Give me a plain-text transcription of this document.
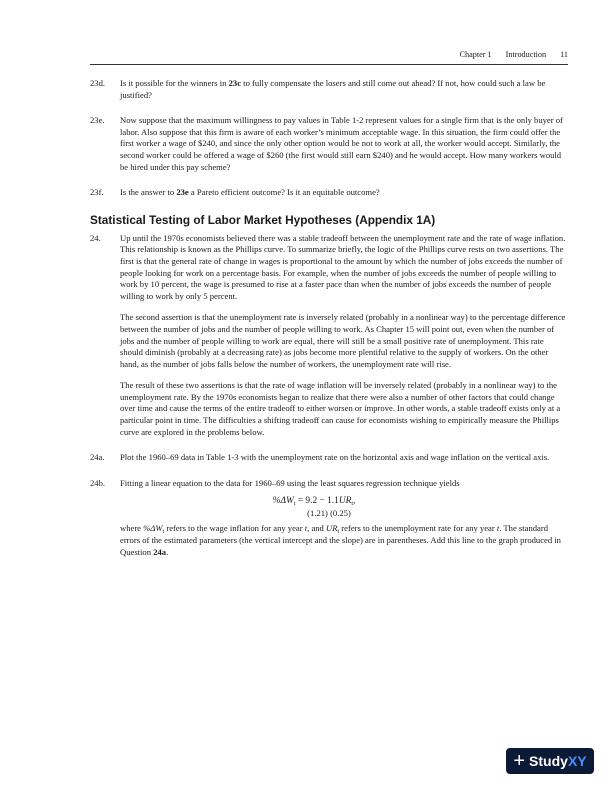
Chapter 1 Introduction 11
23d. Is it possible for the winners in 23c to fully compensate the losers and still come out ahead? If not, how could such a law be justified?

23e. Now suppose that the maximum willingness to pay values in Table 1-2 represent values for a single firm that is the only buyer of labor. Also suppose that this firm is aware of each worker’s minimum acceptable wage. In this situation, the firm could offer the first worker a wage of $240, and since the only other option would be not to work at all, the worker would accept. Similarly, the second worker could be offered a wage of $260 (the first would still earn $240) and he would accept. How many workers would be hired under this pay scheme?

23f. Is the answer to 23e a Pareto efficient outcome? Is it an equitable outcome?

Statistical Testing of Labor Market Hypotheses (Appendix 1A)
24. Up until the 1970s economists believed there was a stable tradeoff between the unemployment rate and the rate of wage inflation. This relationship is known as the Phillips curve. To summarize briefly, the logic of the Phillips curve rests on two assertions. The first is that the general rate of change in wages is proportional to the amount by which the number of jobs exceeds the number of people looking for work on a percentage basis. For example, when the number of jobs exceeds the number of people willing to work by 10 percent, the wage is presumed to rise at a faster pace than when the number of jobs exceeds the number of people willing to work by only 5 percent.

The second assertion is that the unemployment rate is inversely related (probably in a nonlinear way) to the percentage difference between the number of jobs and the number of people willing to work. As Chapter 15 will point out, even when the number of jobs and the number of people willing to work are equal, there will still be a small positive rate of unemployment. This rate should diminish (probably at a decreasing rate) as jobs become more plentiful relative to the supply of workers. On the other hand, as the number of jobs falls below the number of workers, the unemployment rate will rise.

The result of these two assertions is that the rate of wage inflation will be inversely related (probably in a nonlinear way) to the unemployment rate. By the 1970s economists began to realize that there were also a number of other factors that could change over time and cause the terms of the entire tradeoff to either worsen or improve. In other words, a stable tradeoff exists only at a particular point in time. The difficulties a shifting tradeoff can cause for economists wishing to empirically measure the Phillips curve are explored in the problems below.

24a. Plot the 1960–69 data in Table 1-3 with the unemployment rate on the horizontal axis and wage inflation on the vertical axis.

24b. Fitting a linear equation to the data for 1960–69 using the least squares regression technique yields

$\%\Delta W_t = 9.2 - 1.1UR_t$,
(1.21) (0.25)

where $\%\Delta W_t$ refers to the wage inflation for any year t, and $UR_t$ refers to the unemployment rate for any year t. The standard errors of the estimated parameters (the vertical intercept and the slope) are in parentheses. Add this line to the graph produced in Question 24a.

+ Study XY
